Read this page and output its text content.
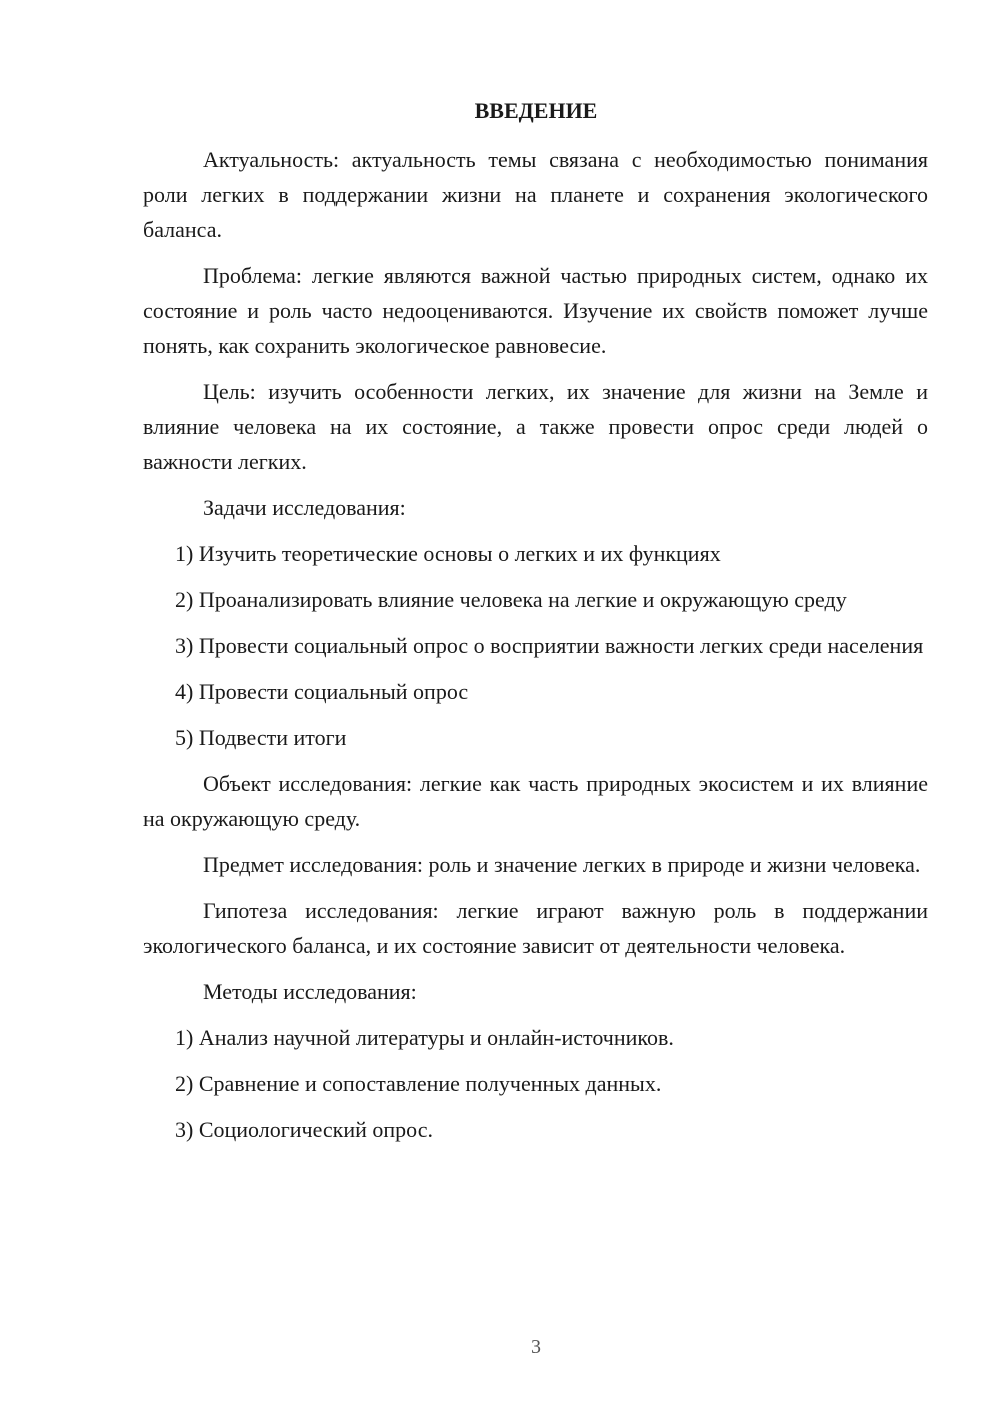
ВВЕДЕНИЕ

Актуальность: актуальность темы связана с необходимостью понимания роли легких в поддержании жизни на планете и сохранения экологического баланса.

Проблема: легкие являются важной частью природных систем, однако их состояние и роль часто недооцениваются. Изучение их свойств поможет лучше понять, как сохранить экологическое равновесие.

Цель: изучить особенности легких, их значение для жизни на Земле и влияние человека на их состояние, а также провести опрос среди людей о важности легких.

Задачи исследования:

1) Изучить теоретические основы о легких и их функциях

2) Проанализировать влияние человека на легкие и окружающую среду

3) Провести социальный опрос о восприятии важности легких среди населения

4) Провести социальный опрос

5) Подвести итоги

Объект исследования: легкие как часть природных экосистем и их влияние на окружающую среду.

Предмет исследования: роль и значение легких в природе и жизни человека.

Гипотеза исследования: легкие играют важную роль в поддержании экологического баланса, и их состояние зависит от деятельности человека.

Методы исследования:

1) Анализ научной литературы и онлайн-источников.

2) Сравнение и сопоставление полученных данных.

3) Социологический опрос.

3
